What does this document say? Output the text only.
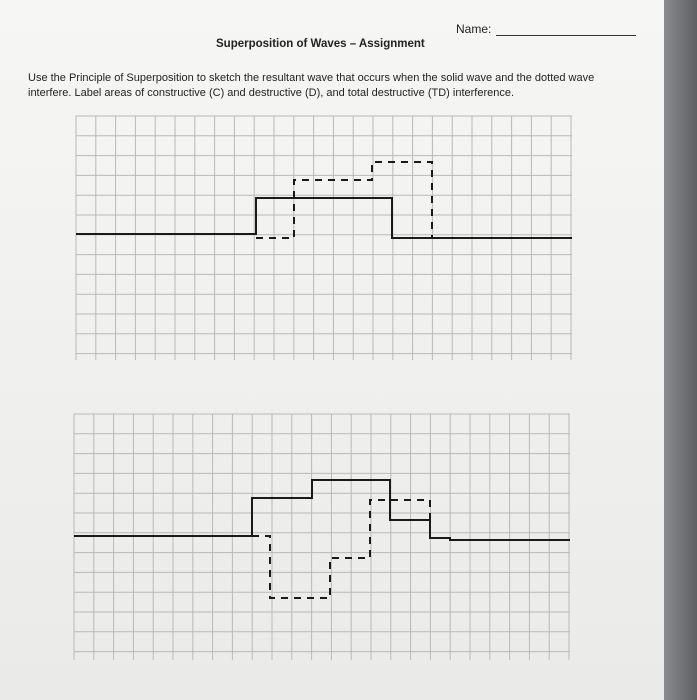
Name:
Superposition of Waves – Assignment
Use the Principle of Superposition to sketch the resultant wave that occurs when the solid wave and the dotted wave interfere. Label areas of constructive (C) and destructive (D), and total destructive (TD) interference.
